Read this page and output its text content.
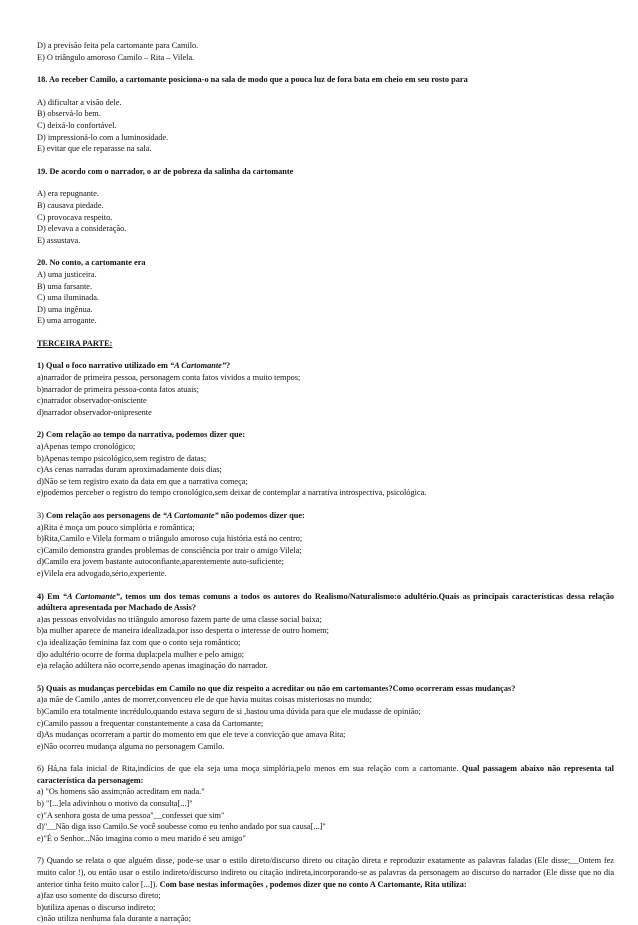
D) a previsão feita pela cartomante para Camilo.
E) O triângulo amoroso Camilo – Rita – Vilela.
18. Ao receber Camilo, a cartomante posiciona-o na sala de modo que a pouca luz de fora bata em cheio em seu rosto para
A) dificultar a visão dele.
B) observá-lo bem.
C) deixá-lo confortável.
D) impressioná-lo com a luminosidade.
E) evitar que ele reparasse na sala.
19. De acordo com o narrador, o ar de pobreza da salinha da cartomante
A) era repugnante.
B) causava piedade.
C) provocava respeito.
D) elevava a consideração.
E) assustava.
20. No conto, a cartomante era
A) uma justiceira.
B) uma farsante.
C) uma iluminada.
D) uma ingênua.
E) uma arrogante.
TERCEIRA PARTE:
1) Qual o foco narrativo utilizado em “A Cartomante”?
a)narrador de primeira pessoa, personagem conta fatos vividos a muito tempos;
b)narrador de primeira pessoa-conta fatos atuais;
c)narrador observador-onisciente
d)narrador observador-onipresente
2) Com relação ao tempo da narrativa, podemos dizer que:
a)Apenas tempo cronológico;
b)Apenas tempo psicológico,sem registro de datas;
c)As cenas narradas duram aproximadamente dois dias;
d)Não se tem registro exato da data em que a narrativa começa;
e)podemos perceber o registro do tempo cronológico,sem deixar de contemplar a narrativa introspectiva, psicológica.
3) Com relação aos personagens de “A Cartomante” não podemos dizer que:
a)Rita é moça um pouco simplória e romântica;
b)Rita,Camilo e Vilela formam o triângulo amoroso cuja história está no centro;
c)Camilo demonstra grandes problemas de consciência por trair o amigo Vilela;
d)Camilo era jovem bastante autoconfiante,aparentemente auto-suficiente;
e)Vilela era advogado,sério,experiente.
4) Em “A Cartomante”, temos um dos temas comuns a todos os autores do Realismo/Naturalismo:o adultério.Quais as principais características dessa relação adúltera apresentada por Machado de Assis?
a)as pessoas envolvidas no triângulo amoroso fazem parte de uma classe social baixa;
b)a mulher aparece de maneira idealizada,por isso desperta o interesse de outro homem;
c)a idealização feminina faz com que o conto seja romântico;
d)o adultério ocorre de forma dupla:pela mulher e pelo amigo;
e)a relação adúltera não ocorre,sendo apenas imaginação do narrador.
5) Quais as mudanças percebidas em Camilo no que diz respeito a acreditar ou não em cartomantes?Como ocorreram essas mudanças?
a)a mãe de Camilo ,antes de morrer,convenceu ele de que havia muitas coisas misteriosas no mundo;
b)Camilo era totalmente incrédulo,quando estava seguro de si ,bastou uma dúvida para que ele mudasse de opinião;
c)Camilo passou a frequentar constantemente a casa da Cartomante;
d)As mudanças ocorreram a partir do momento em que ele teve a convicção que amava Rita;
e)Não ocorreu mudança alguma no personagem Camilo.
6) Há,na fala inicial de Rita,indícios de que ela seja uma moça simplória,pelo menos em sua relação com a cartomante. Qual passagem abaixo não representa tal característica da personagem:
a) "Os homens são assim;não acreditam em nada."
b) "[...]ela adivinhou o motivo da consulta[...]"
c)"A senhora gosta de uma pessoa"__confessei que sim"
d)"__Não diga isso Camilo.Se você soubesse como eu tenho andado por sua causa[...]"
e)"É o Senhor...Não imagina como o meu marido é seu amigo"
7) Quando se relata o que alguém disse, pode-se usar o estilo direto/discurso direto ou citação direta e reproduzir exatamente as palavras faladas (Ele disse;__Ontem fez muito calor !), ou então usar o estilo indireto/discurso indireto ou citação indireta,incorporando-se as palavras da personagem ao discurso do narrador (Ele disse que no dia anterior tinha feito muito calor [...]). Com base nestas informações , podemos dizer que no conto A Cartomante, Rita utiliza:
a)faz uso somente do discurso direto;
b)utiliza apenas o discurso indireto;
c)não utiliza nenhuma fala durante a narração;
